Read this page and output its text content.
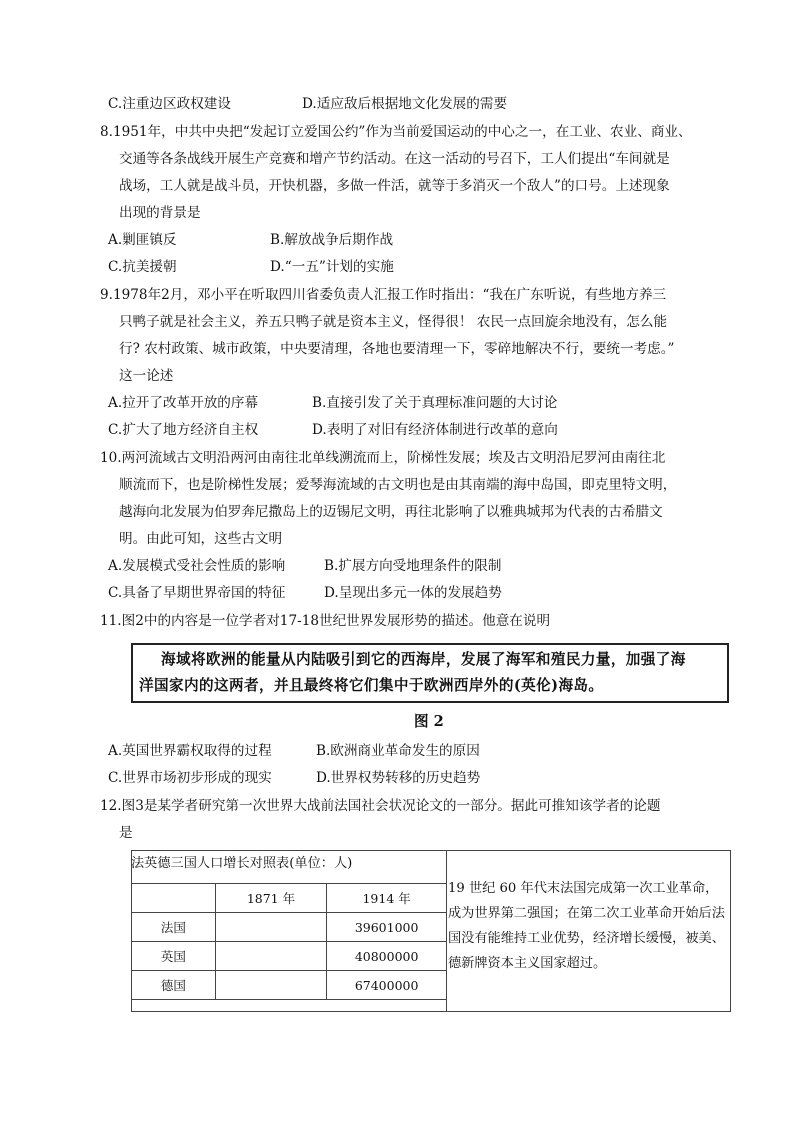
C.注重边区政权建设	D.适应敌后根据地文化发展的需要
8.1951年，中共中央把“发起订立爱国公约”作为当前爱国运动的中心之一，在工业、农业、商业、
交通等各条战线开展生产竞赛和增产节约活动。在这一活动的号召下，工人们提出“车间就是
战场，工人就是战斗员，开快机器，多做一件活，就等于多消灭一个敌人”的口号。上述现象
出现的背景是
A.剿匪镇反	B.解放战争后期作战
C.抗美援朝	D.“一五”计划的实施
9.1978年2月，邓小平在听取四川省委负责人汇报工作时指出：“我在广东听说，有些地方养三
只鸭子就是社会主义，养五只鸭子就是资本主义，怪得很！ 农民一点回旋余地没有，怎么能
行? 农村政策、城市政策，中央要清理，各地也要清理一下，零碎地解决不行，要统一考虑。”
这一论述
A.拉开了改革开放的序幕	B.直接引发了关于真理标准问题的大讨论
C.扩大了地方经济自主权	D.表明了对旧有经济体制进行改革的意向
10.两河流域古文明沿两河由南往北单线溯流而上，阶梯性发展；埃及古文明沿尼罗河由南往北
顺流而下，也是阶梯性发展；爱琴海流域的古文明也是由其南端的海中岛国，即克里特文明，
越海向北发展为伯罗奔尼撒岛上的迈锡尼文明，再往北影响了以雅典城邦为代表的古希腊文
明。由此可知，这些古文明
A.发展模式受社会性质的影响	B.扩展方向受地理条件的限制
C.具备了早期世界帝国的特征	D.呈现出多元一体的发展趋势
11.图2中的内容是一位学者对17-18世纪世界发展形势的描述。他意在说明
海域将欧洲的能量从内陆吸引到它的西海岸，发展了海军和殖民力量，加强了海
洋国家内的这两者，并且最终将它们集中于欧洲西岸外的(英伦)海岛。
图 2
A.英国世界霸权取得的过程	B.欧洲商业革命发生的原因
C.世界市场初步形成的现实	D.世界权势转移的历史趋势
12.图3是某学者研究第一次世界大战前法国社会状况论文的一部分。据此可推知该学者的论题
是
法英德三国人口增长对照表(单位：人)
	1871 年	1914 年
法国		39601000
英国		40800000
德国		67400000
19 世纪 60 年代末法国完成第一次工业革命，成为世界第二强国；在第二次工业革命开始后法国没有能维持工业优势，经济增长缓慢，被美、德新牌资本主义国家超过。
